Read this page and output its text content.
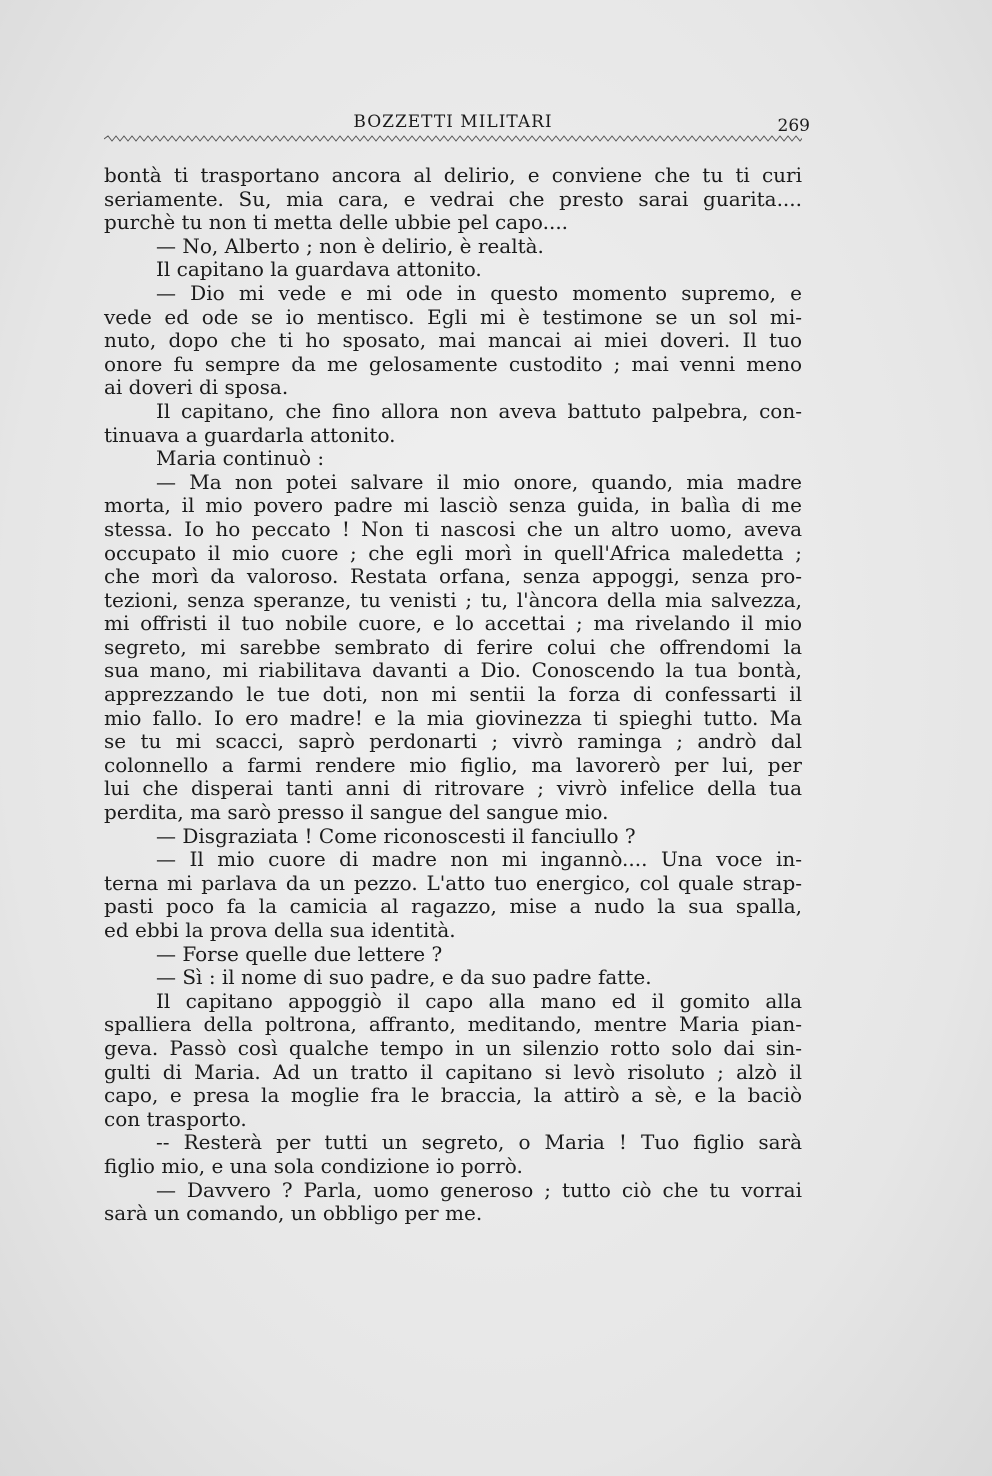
BOZZETTI MILITARI	269
bontà ti trasportano ancora al delirio, e conviene che tu ti curi
seriamente. Su, mia cara, e vedrai che presto sarai guarita....
purchè tu non ti metta delle ubbie pel capo....
— No, Alberto ; non è delirio, è realtà.
Il capitano la guardava attonito.
— Dio mi vede e mi ode in questo momento supremo, e
vede ed ode se io mentisco. Egli mi è testimone se un sol mi-
nuto, dopo che ti ho sposato, mai mancai ai miei doveri. Il tuo
onore fu sempre da me gelosamente custodito ; mai venni meno
ai doveri di sposa.
Il capitano, che fino allora non aveva battuto palpebra, con-
tinuava a guardarla attonito.
Maria continuò :
— Ma non potei salvare il mio onore, quando, mia madre
morta, il mio povero padre mi lasciò senza guida, in balìa di me
stessa. Io ho peccato ! Non ti nascosi che un altro uomo, aveva
occupato il mio cuore ; che egli morì in quell'Africa maledetta ;
che morì da valoroso. Restata orfana, senza appoggi, senza pro-
tezioni, senza speranze, tu venisti ; tu, l'àncora della mia salvezza,
mi offristi il tuo nobile cuore, e lo accettai ; ma rivelando il mio
segreto, mi sarebbe sembrato di ferire colui che offrendomi la
sua mano, mi riabilitava davanti a Dio. Conoscendo la tua bontà,
apprezzando le tue doti, non mi sentii la forza di confessarti il
mio fallo. Io ero madre! e la mia giovinezza ti spieghi tutto. Ma
se tu mi scacci, saprò perdonarti ; vivrò raminga ; andrò dal
colonnello a farmi rendere mio figlio, ma lavorerò per lui, per
lui che disperai tanti anni di ritrovare ; vivrò infelice della tua
perdita, ma sarò presso il sangue del sangue mio.
— Disgraziata ! Come riconoscesti il fanciullo ?
— Il mio cuore di madre non mi ingannò.... Una voce in-
terna mi parlava da un pezzo. L'atto tuo energico, col quale strap-
pasti poco fa la camicia al ragazzo, mise a nudo la sua spalla,
ed ebbi la prova della sua identità.
— Forse quelle due lettere ?
— Sì : il nome di suo padre, e da suo padre fatte.
Il capitano appoggiò il capo alla mano ed il gomito alla
spalliera della poltrona, affranto, meditando, mentre Maria pian-
geva. Passò così qualche tempo in un silenzio rotto solo dai sin-
gulti di Maria. Ad un tratto il capitano si levò risoluto ; alzò il
capo, e presa la moglie fra le braccia, la attirò a sè, e la baciò
con trasporto.
-- Resterà per tutti un segreto, o Maria ! Tuo figlio sarà
figlio mio, e una sola condizione io porrò.
— Davvero ? Parla, uomo generoso ; tutto ciò che tu vorrai
sarà un comando, un obbligo per me.
